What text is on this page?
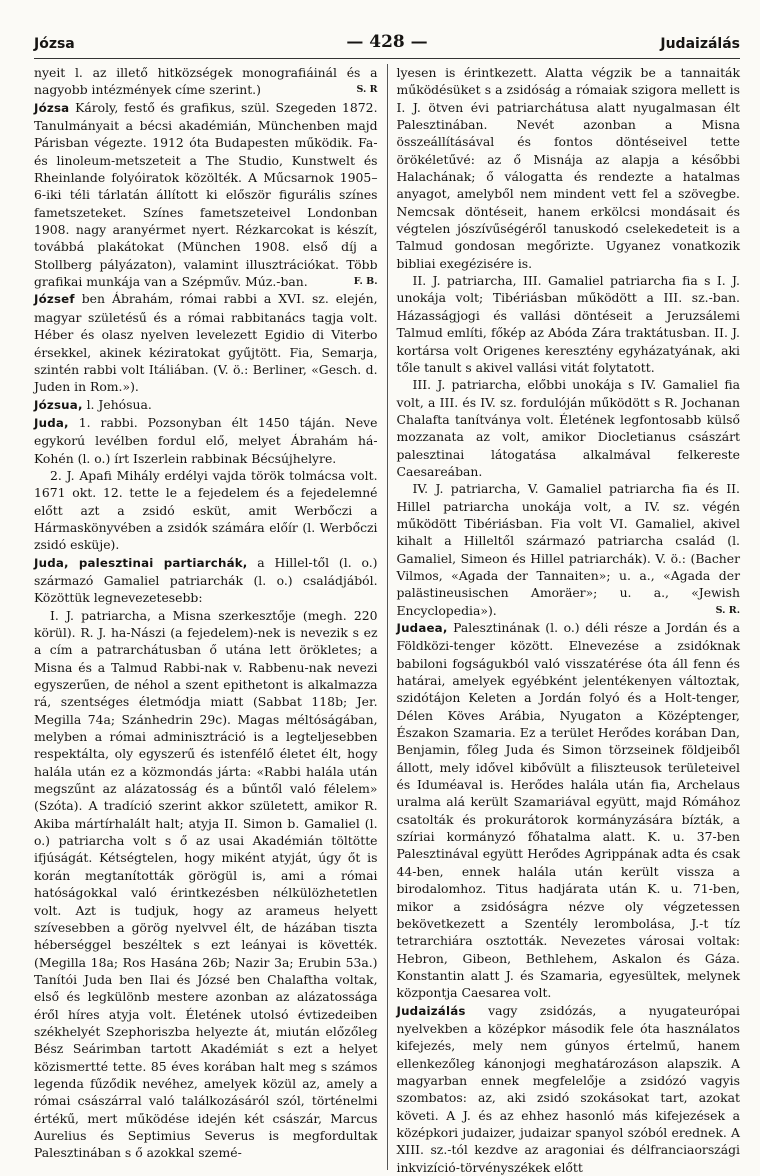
Józsa	— 428 —	Judaizálás

nyeit l. az illető hitközségek monografiáinál és a nagyobb intézmények címe szerint.)	S. R

Józsa Károly, festő és grafikus, szül. Szegeden 1872. Tanulmányait a bécsi akadémián, Münchenben majd Párisban végezte. 1912 óta Budapesten működik. Fa- és linoleum-metszeteit a The Studio, Kunstwelt és Rheinlande folyóiratok közölték. A Műcsarnok 1905–6-iki téli tárlatán állított ki először figurális színes fametszeteket. Színes fametszeteivel Londonban 1908. nagy aranyérmet nyert. Rézkarcokat is készít, továbbá plakátokat (München 1908. első díj a Stollberg pályázaton), valamint illusztrációkat. Több grafikai munkája van a Szépműv. Múz.-ban.	F. B.

József ben Ábrahám, római rabbi a XVI. sz. elején, magyar születésű és a római rabbitanács tagja volt. Héber és olasz nyelven levelezett Egidio di Viterbo érsekkel, akinek kéziratokat gyűjtött. Fia, Semarja, szintén rabbi volt Itáliában. (V. ö.: Berliner, «Gesch. d. Juden in Rom.»).

Józsua, l. Jehósua.

Juda, 1. rabbi. Pozsonyban élt 1450 táján. Neve egykorú levélben fordul elő, melyet Ábrahám há-Kohén (l. o.) írt Iszerlein rabbinak Bécsújhelyre.

2. J. Apafi Mihály erdélyi vajda török tolmácsa volt. 1671 okt. 12. tette le a fejedelem és a fejedelemné előtt azt a zsidó esküt, amit Werbőczi a Hármaskönyvében a zsidók számára előír (l. Werbőczi zsidó esküje).

Juda, palesztinai partiarchák, a Hillel-től (l. o.) származó Gamaliel patriarchák (l. o.) családjából. Közöttük legnevezetesebb:

I. J. patriarcha, a Misna szerkesztője (megh. 220 körül). R. J. ha-Nászi (a fejedelem)-nek is nevezik s ez a cím a patrarchátusban ő utána lett örökletes; a Misna és a Talmud Rabbi-nak v. Rabbenu-nak nevezi egyszerűen, de néhol a szent epithetont is alkalmazza rá, szentséges életmódja miatt (Sabbat 118b; Jer. Megilla 74a; Szánhedrin 29c). Magas méltóságában, melyben a római adminisztráció is a legteljesebben respektálta, oly egyszerű és istenfélő életet élt, hogy halála után ez a közmondás járta: «Rabbi halála után megszűnt az alázatosság és a bűntől való félelem» (Szóta). A tradíció szerint akkor született, amikor R. Akiba mártírhalált halt; atyja II. Simon b. Gamaliel (l. o.) patriarcha volt s ő az usai Akadémián töltötte ifjúságát. Kétségtelen, hogy miként atyját, úgy őt is korán megtanították görögül is, ami a római hatóságokkal való érintkezésben nélkülözhetetlen volt. Azt is tudjuk, hogy az arameus helyett szívesebben a görög nyelvvel élt, de házában tiszta héberséggel beszéltek s ezt leányai is követték. (Megilla 18a; Ros Hasána 26b; Nazir 3a; Erubin 53a.) Tanítói Juda ben Ilai és Józsé ben Chalaftha voltak, első és legkülönb mestere azonban az alázatossága éről híres atyja volt. Életének utolsó évtizedeiben székhelyét Szephoriszba helyezte át, miután előzőleg Bész Seárimban tartott Akadémiát s ezt a helyet közismertté tette. 85 éves korában halt meg s számos legenda fűződik nevéhez, amelyek közül az, amely a római császárral való találkozásáról szól, történelmi értékű, mert működése idején két császár, Marcus Aurelius és Septimius Severus is megfordultak Palesztinában s ő azokkal szemé-

lyesen is érintkezett. Alatta végzik be a tannaiták működésüket s a zsidóság a rómaiak szigora mellett is I. J. ötven évi patriarchátusa alatt nyugalmasan élt Palesztinában. Nevét azonban a Misna összeállításával és fontos döntéseivel tette örökéletűvé: az ő Misnája az alapja a későbbi Halachának; ő válogatta és rendezte a hatalmas anyagot, amelyből nem mindent vett fel a szövegbe. Nemcsak döntéseit, hanem erkölcsi mondásait és végtelen jószívűségéről tanuskodó cselekedeteit is a Talmud gondosan megőrizte. Ugyanez vonatkozik bibliai exegézisére is.

II. J. patriarcha, III. Gamaliel patriarcha fia s I. J. unokája volt; Tibériásban működött a III. sz.-ban. Házasságjogi és vallási döntéseit a Jeruzsálemi Talmud említi, főkép az Abóda Zára traktátusban. II. J. kortársa volt Origenes keresztény egyházatyának, aki tőle tanult s akivel vallási vitát folytatott.

III. J. patriarcha, előbbi unokája s IV. Gamaliel fia volt, a III. és IV. sz. fordulóján működött s R. Jochanan Chalafta tanítványa volt. Életének legfontosabb külső mozzanata az volt, amikor Diocletianus császárt palesztinai látogatása alkalmával felkereste Caesareában.

IV. J. patriarcha, V. Gamaliel patriarcha fia és II. Hillel patriarcha unokája volt, a IV. sz. végén működött Tibériásban. Fia volt VI. Gamaliel, akivel kihalt a Hilleltől származó patriarcha család (l. Gamaliel, Simeon és Hillel patriarchák). V. ö.: (Bacher Vilmos, «Agada der Tannaiten»; u. a., «Agada der palästineusischen Amoräer»; u. a., «Jewish Encyclopedia»).	S. R.

Judaea, Palesztinának (l. o.) déli része a Jordán és a Földközi-tenger között. Elnevezése a zsidóknak babiloni fogságukból való visszatérése óta áll fenn és határai, amelyek egyébként jelentékenyen változtak, szidótájon Keleten a Jordán folyó és a Holt-tenger, Délen Köves Arábia, Nyugaton a Középtenger, Északon Szamaria. Ez a terület Herődes korában Dan, Benjamin, főleg Juda és Simon törzseinek földjeiből állott, mely idővel kibővült a filiszteusok területeivel és Iduméaval is. Herődes halála után fia, Archelaus uralma alá került Szamariával együtt, majd Rómához csatolták és prokurátorok kormányzására bízták, a szíriai kormányzó főhatalma alatt. K. u. 37-ben Palesztinával együtt Herődes Agrippának adta és csak 44-ben, ennek halála után került vissza a birodalomhoz. Titus hadjárata után K. u. 71-ben, mikor a zsidóságra nézve oly végzetessen bekövetkezett a Szentély lerombolása, J.-t tíz tetrarchiára osztották. Nevezetes városai voltak: Hebron, Gibeon, Bethlehem, Askalon és Gáza. Konstantin alatt J. és Szamaria, egyesültek, melynek központja Caesarea volt.

Judaizálás vagy zsidózás, a nyugateurópai nyelvekben a középkor második fele óta használatos kifejezés, mely nem gúnyos értelmű, hanem ellenkezőleg kánonjogi meghatározáson alapszik. A magyarban ennek megfelelője a zsidózó vagyis szombatos: az, aki zsidó szokásokat tart, azokat követi. A J. és az ehhez hasonló más kifejezések a középkori judaizer, judaizar spanyol szóból erednek. A XIII. sz.-tól kezdve az aragoniai és délfranciaországi inkvizíció-törvényszékek előtt
